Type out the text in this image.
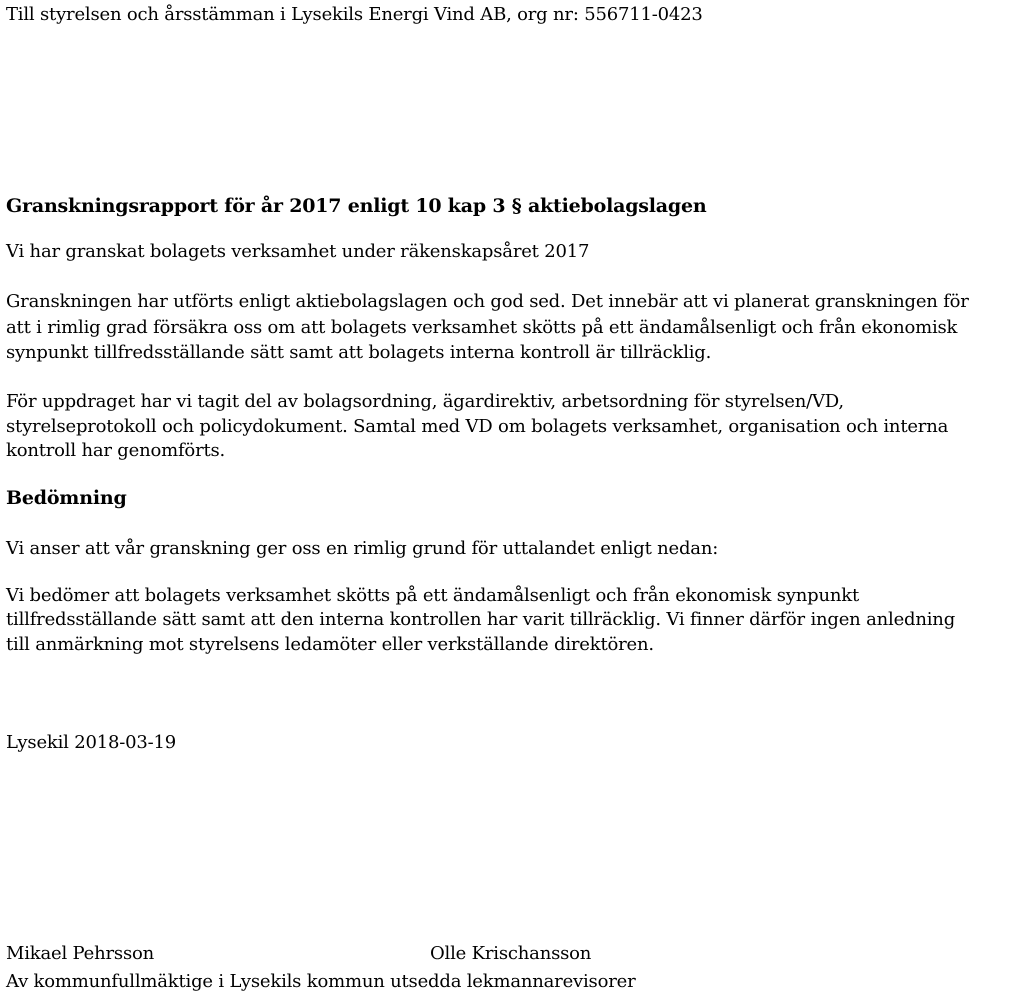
Till styrelsen och årsstämman i Lysekils Energi Vind AB, org nr: 556711-0423

Granskningsrapport för år 2017 enligt 10 kap 3 § aktiebolagslagen

Vi har granskat bolagets verksamhet under räkenskapsåret 2017

Granskningen har utförts enligt aktiebolagslagen och god sed. Det innebär att vi planerat granskningen för

att i rimlig grad försäkra oss om att bolagets verksamhet skötts på ett ändamålsenligt och från ekonomisk

synpunkt tillfredsställande sätt samt att bolagets interna kontroll är tillräcklig.

För uppdraget har vi tagit del av bolagsordning, ägardirektiv, arbetsordning för styrelsen/VD,

styrelseprotokoll och policydokument. Samtal med VD om bolagets verksamhet, organisation och interna

kontroll har genomförts.

Bedömning

Vi anser att vår granskning ger oss en rimlig grund för uttalandet enligt nedan:

Vi bedömer att bolagets verksamhet skötts på ett ändamålsenligt och från ekonomisk synpunkt

tillfredsställande sätt samt att den interna kontrollen har varit tillräcklig. Vi finner därför ingen anledning

till anmärkning mot styrelsens ledamöter eller verkställande direktören.

Lysekil 2018-03-19

Mikael Pehrsson	Olle Krischansson

Av kommunfullmäktige i Lysekils kommun utsedda lekmannarevisorer
